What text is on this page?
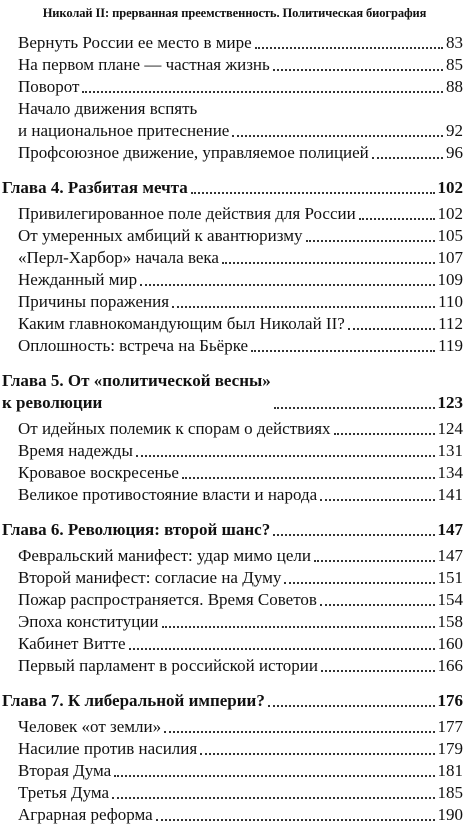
Николай II: прерванная преемственность. Политическая биография
Вернуть России ее место в мире	83
На первом плане — частная жизнь	85
Поворот	88
Начало движения вспять
и национальное притеснение	92
Профсоюзное движение, управляемое полицией	96
Глава 4. Разбитая мечта	102
Привилегированное поле действия для России	102
От умеренных амбиций к авантюризму	105
«Перл-Харбор» начала века	107
Нежданный мир	109
Причины поражения	110
Каким главнокомандующим был Николай II?	112
Оплошность: встреча на Бьёрке	119
Глава 5. От «политической весны»
к революции	123
От идейных полемик к спорам о действиях	124
Время надежды	131
Кровавое воскресенье	134
Великое противостояние власти и народа	141
Глава 6. Революция: второй шанс?	147
Февральский манифест: удар мимо цели	147
Второй манифест: согласие на Думу	151
Пожар распространяется. Время Советов	154
Эпоха конституции	158
Кабинет Витте	160
Первый парламент в российской истории	166
Глава 7. К либеральной империи?	176
Человек «от земли»	177
Насилие против насилия	179
Вторая Дума	181
Третья Дума	185
Аграрная реформа	190
